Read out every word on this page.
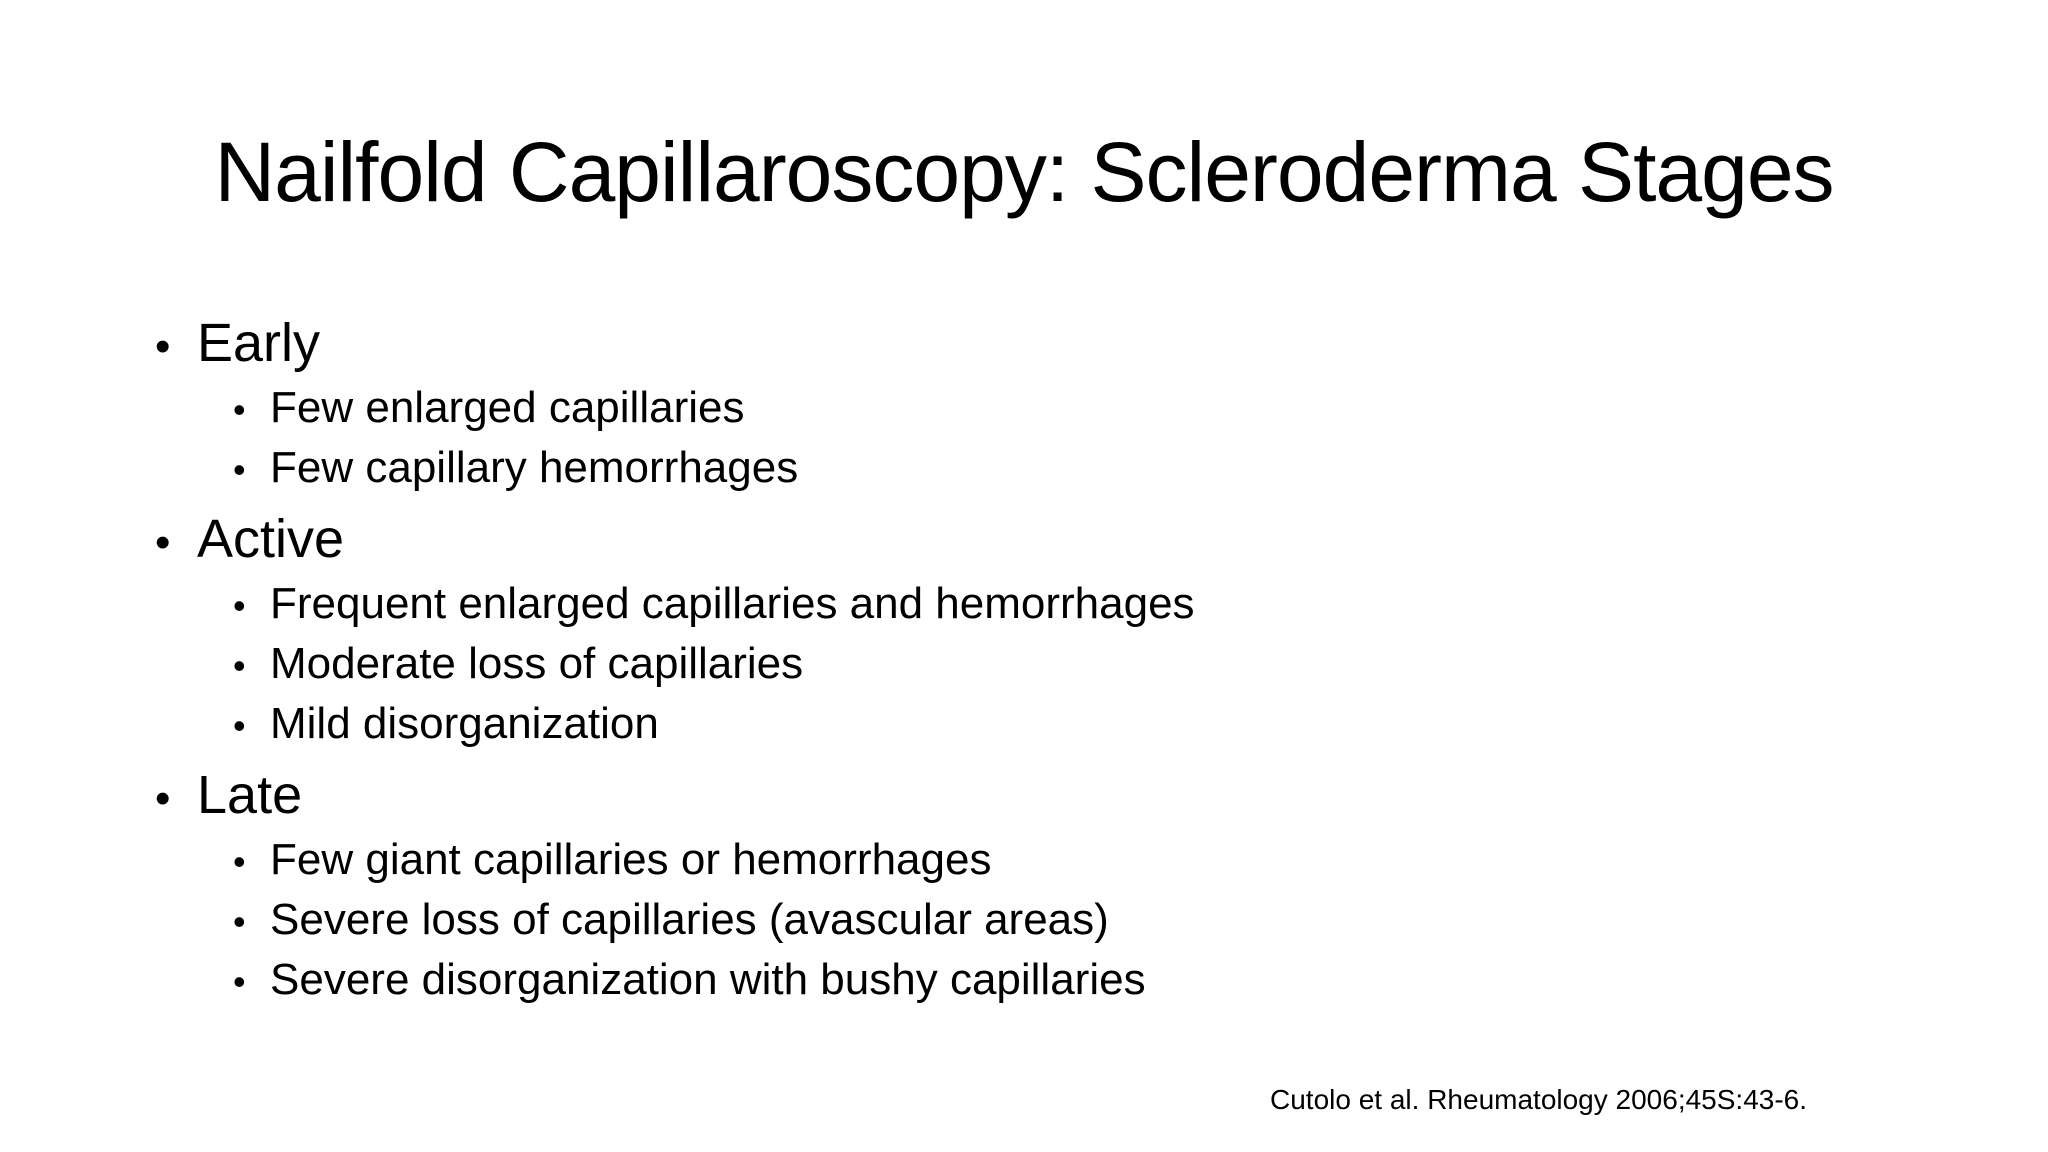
Nailfold Capillaroscopy: Scleroderma Stages
• Early
• Few enlarged capillaries
• Few capillary hemorrhages
• Active
• Frequent enlarged capillaries and hemorrhages
• Moderate loss of capillaries
• Mild disorganization
• Late
• Few giant capillaries or hemorrhages
• Severe loss of capillaries (avascular areas)
• Severe disorganization with bushy capillaries
Cutolo et al. Rheumatology 2006;45S:43-6.
